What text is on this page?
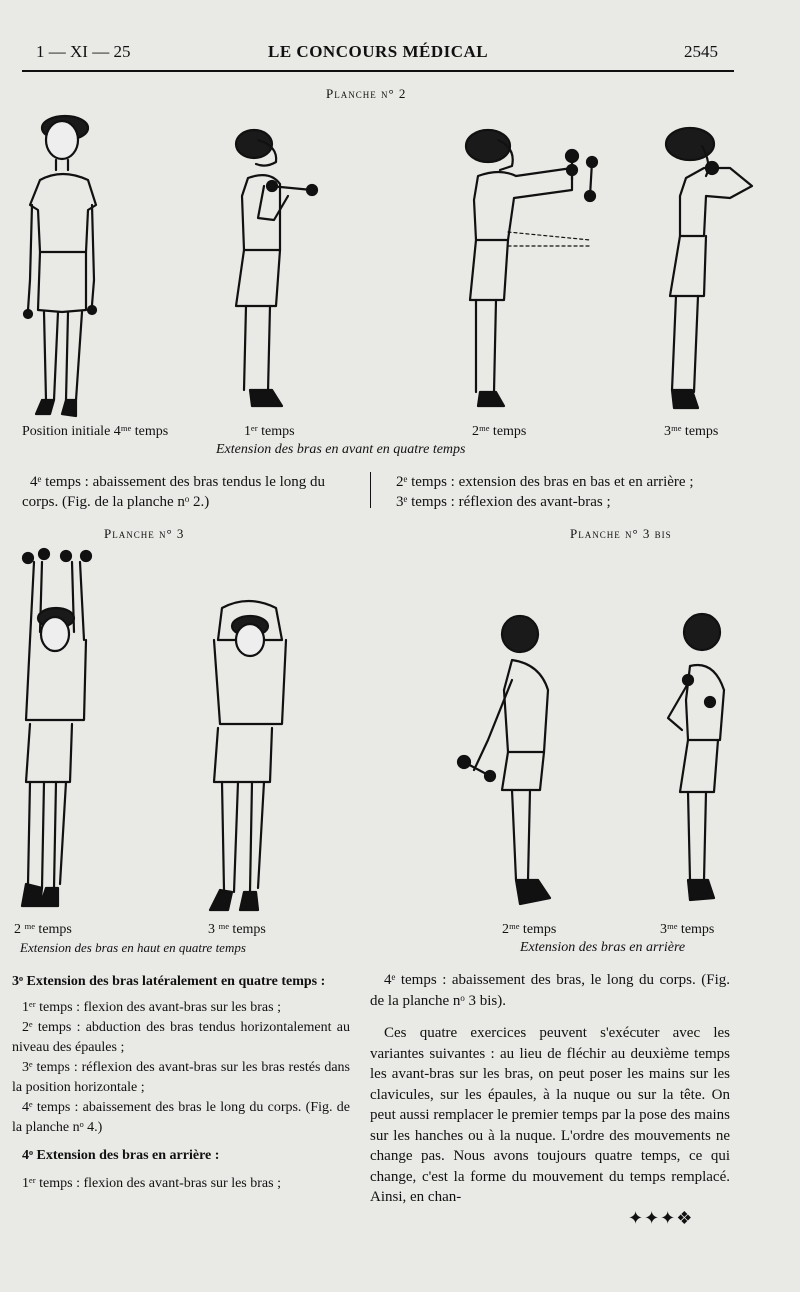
1 — XI — 25	LE CONCOURS MÉDICAL	2545
Planche n° 2
Position initiale 4ᵐᵉ temps	1ᵉʳ temps	2ᵐᵉ temps	3ᵐᵉ temps
Extension des bras en avant en quatre temps
4ᵉ temps : abaissement des bras tendus le long du
corps. (Fig. de la planche nᵒ 2.)
2ᵉ temps : extension des bras en bas et en arrière ;
3ᵉ temps : réflexion des avant-bras ;
Planche n° 3	Planche n° 3 bis
2 ᵐᵉ temps	3 ᵐᵉ temps
Extension des bras en haut en quatre temps
2ᵐᵉ temps	3ᵐᵉ temps
Extension des bras en arrière

3ᵒ Extension des bras latéralement en quatre temps :

1ᵉʳ temps : flexion des avant-bras sur les bras ;

2ᵉ temps : abduction des bras tendus horizontalement au niveau des épaules ;

3ᵉ temps : réflexion des avant-bras sur les bras restés dans la position horizontale ;

4ᵉ temps : abaissement des bras le long du corps. (Fig. de la planche nᵒ 4.)

4ᵒ Extension des bras en arrière :

1ᵉʳ temps : flexion des avant-bras sur les bras ;

4ᵉ temps : abaissement des bras, le long du corps. (Fig. de la planche nᵒ 3 bis).

Ces quatre exercices peuvent s'exécuter avec les variantes suivantes : au lieu de fléchir au deuxième temps les avant-bras sur les bras, on peut poser les mains sur les clavicules, sur les épaules, à la nuque ou sur la tête. On peut aussi remplacer le premier temps par la pose des mains sur les hanches ou à la nuque. L'ordre des mouvements ne change pas. Nous avons toujours quatre temps, ce qui change, c'est la forme du mouvement du temps remplacé. Ainsi, en chan-

✦✦✦❖
